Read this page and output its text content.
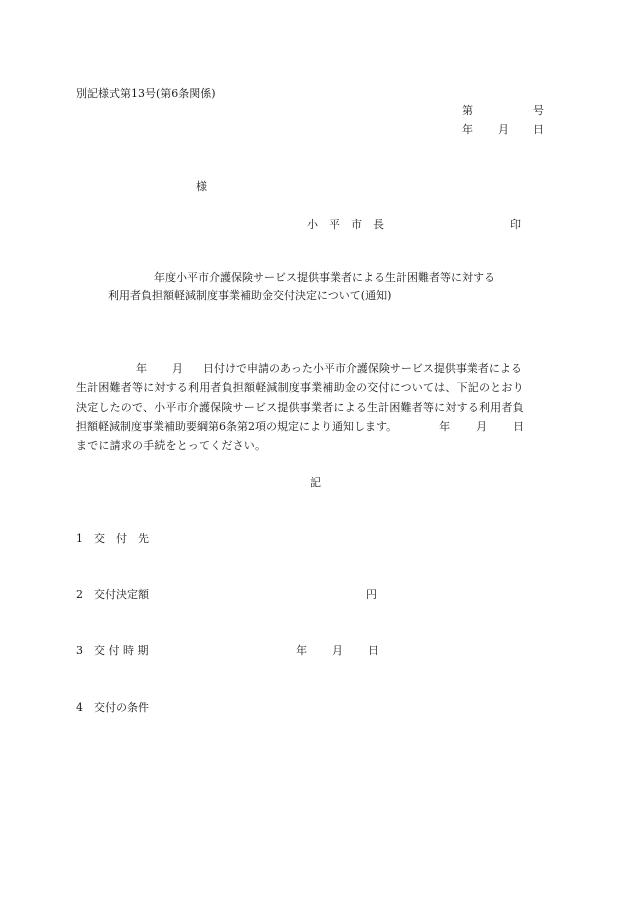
別記様式第13号(第6条関係)
第	号
年 月 日
様
小　平　市　長	印
年度小平市介護保険サービス提供事業者による生計困難者等に対する
利用者負担額軽減制度事業補助金交付決定について(通知)
年 月 日付けで申請のあった小平市介護保険サービス提供事業者による
生計困難者等に対する利用者負担額軽減制度事業補助金の交付については、下記のとおり
決定したので、小平市介護保険サービス提供事業者による生計困難者等に対する利用者負
担額軽減制度事業補助要綱第6条第2項の規定により通知します。	年 月 日
までに請求の手続をとってください。
記
1 交　付　先
2 交付決定額	円
3 交 付 時 期	年 月 日
4 交付の条件
